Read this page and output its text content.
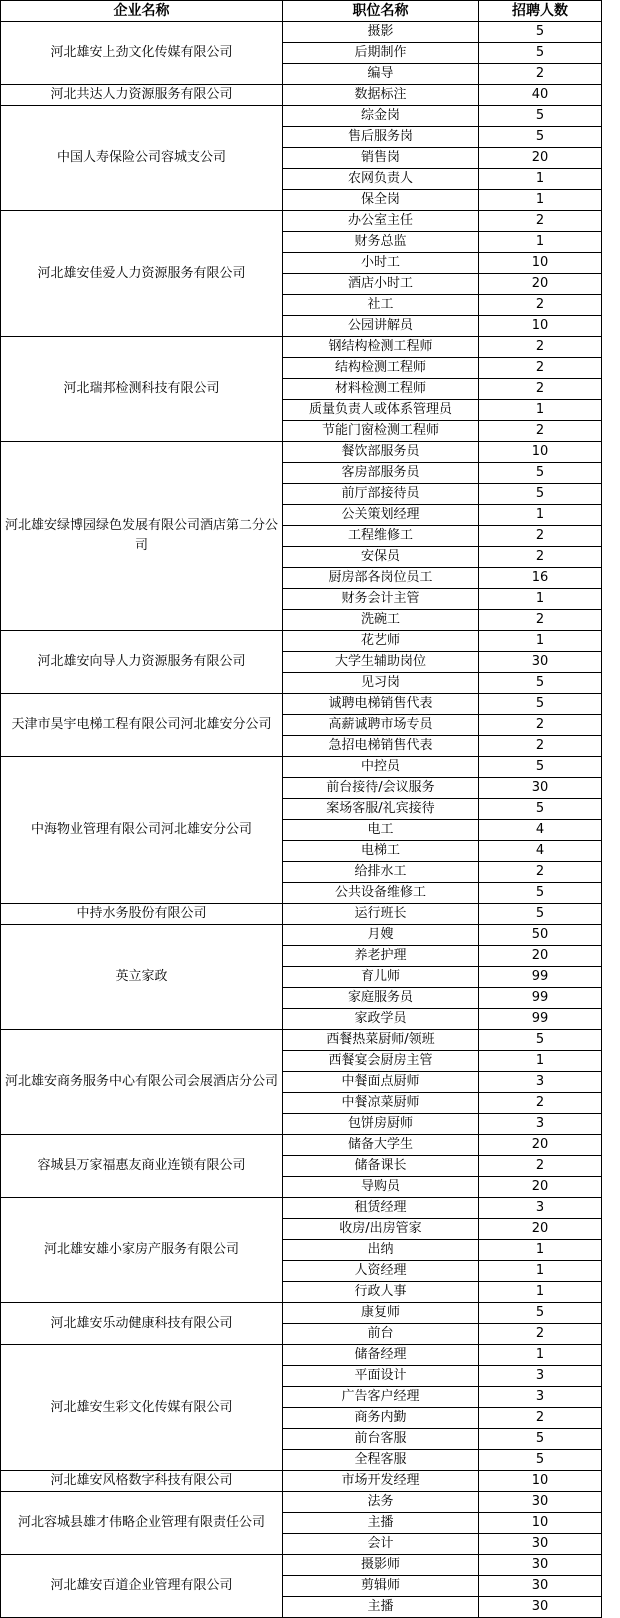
企业名称	职位名称	招聘人数
河北雄安上劲文化传媒有限公司	摄影	5
	后期制作	5
	编导	2
河北共达人力资源服务有限公司	数据标注	40
中国人寿保险公司容城支公司	综金岗	5
	售后服务岗	5
	销售岗	20
	农网负责人	1
	保全岗	1
河北雄安佳爱人力资源服务有限公司	办公室主任	2
	财务总监	1
	小时工	10
	酒店小时工	20
	社工	2
	公园讲解员	10
河北瑞邦检测科技有限公司	钢结构检测工程师	2
	结构检测工程师	2
	材料检测工程师	2
	质量负责人或体系管理员	1
	节能门窗检测工程师	2
河北雄安绿博园绿色发展有限公司酒店第二分公司	餐饮部服务员	10
	客房部服务员	5
	前厅部接待员	5
	公关策划经理	1
	工程维修工	2
	安保员	2
	厨房部各岗位员工	16
	财务会计主管	1
	洗碗工	2
河北雄安向导人力资源服务有限公司	花艺师	1
	大学生辅助岗位	30
	见习岗	5
天津市昊宇电梯工程有限公司河北雄安分公司	诚聘电梯销售代表	5
	高薪诚聘市场专员	2
	急招电梯销售代表	2
中海物业管理有限公司河北雄安分公司	中控员	5
	前台接待/会议服务	30
	案场客服/礼宾接待	5
	电工	4
	电梯工	4
	给排水工	2
	公共设备维修工	5
中持水务股份有限公司	运行班长	5
英立家政	月嫂	50
	养老护理	20
	育儿师	99
	家庭服务员	99
	家政学员	99
河北雄安商务服务中心有限公司会展酒店分公司	西餐热菜厨师/领班	5
	西餐宴会厨房主管	1
	中餐面点厨师	3
	中餐凉菜厨师	2
	包饼房厨师	3
容城县万家福惠友商业连锁有限公司	储备大学生	20
	储备课长	2
	导购员	20
河北雄安雄小家房产服务有限公司	租赁经理	3
	收房/出房管家	20
	出纳	1
	人资经理	1
	行政人事	1
河北雄安乐动健康科技有限公司	康复师	5
	前台	2
河北雄安生彩文化传媒有限公司	储备经理	1
	平面设计	3
	广告客户经理	3
	商务内勤	2
	前台客服	5
	全程客服	5
河北雄安风格数字科技有限公司	市场开发经理	10
河北容城县雄才伟略企业管理有限责任公司	法务	30
	主播	10
	会计	30
河北雄安百道企业管理有限公司	摄影师	30
	剪辑师	30
	主播	30
